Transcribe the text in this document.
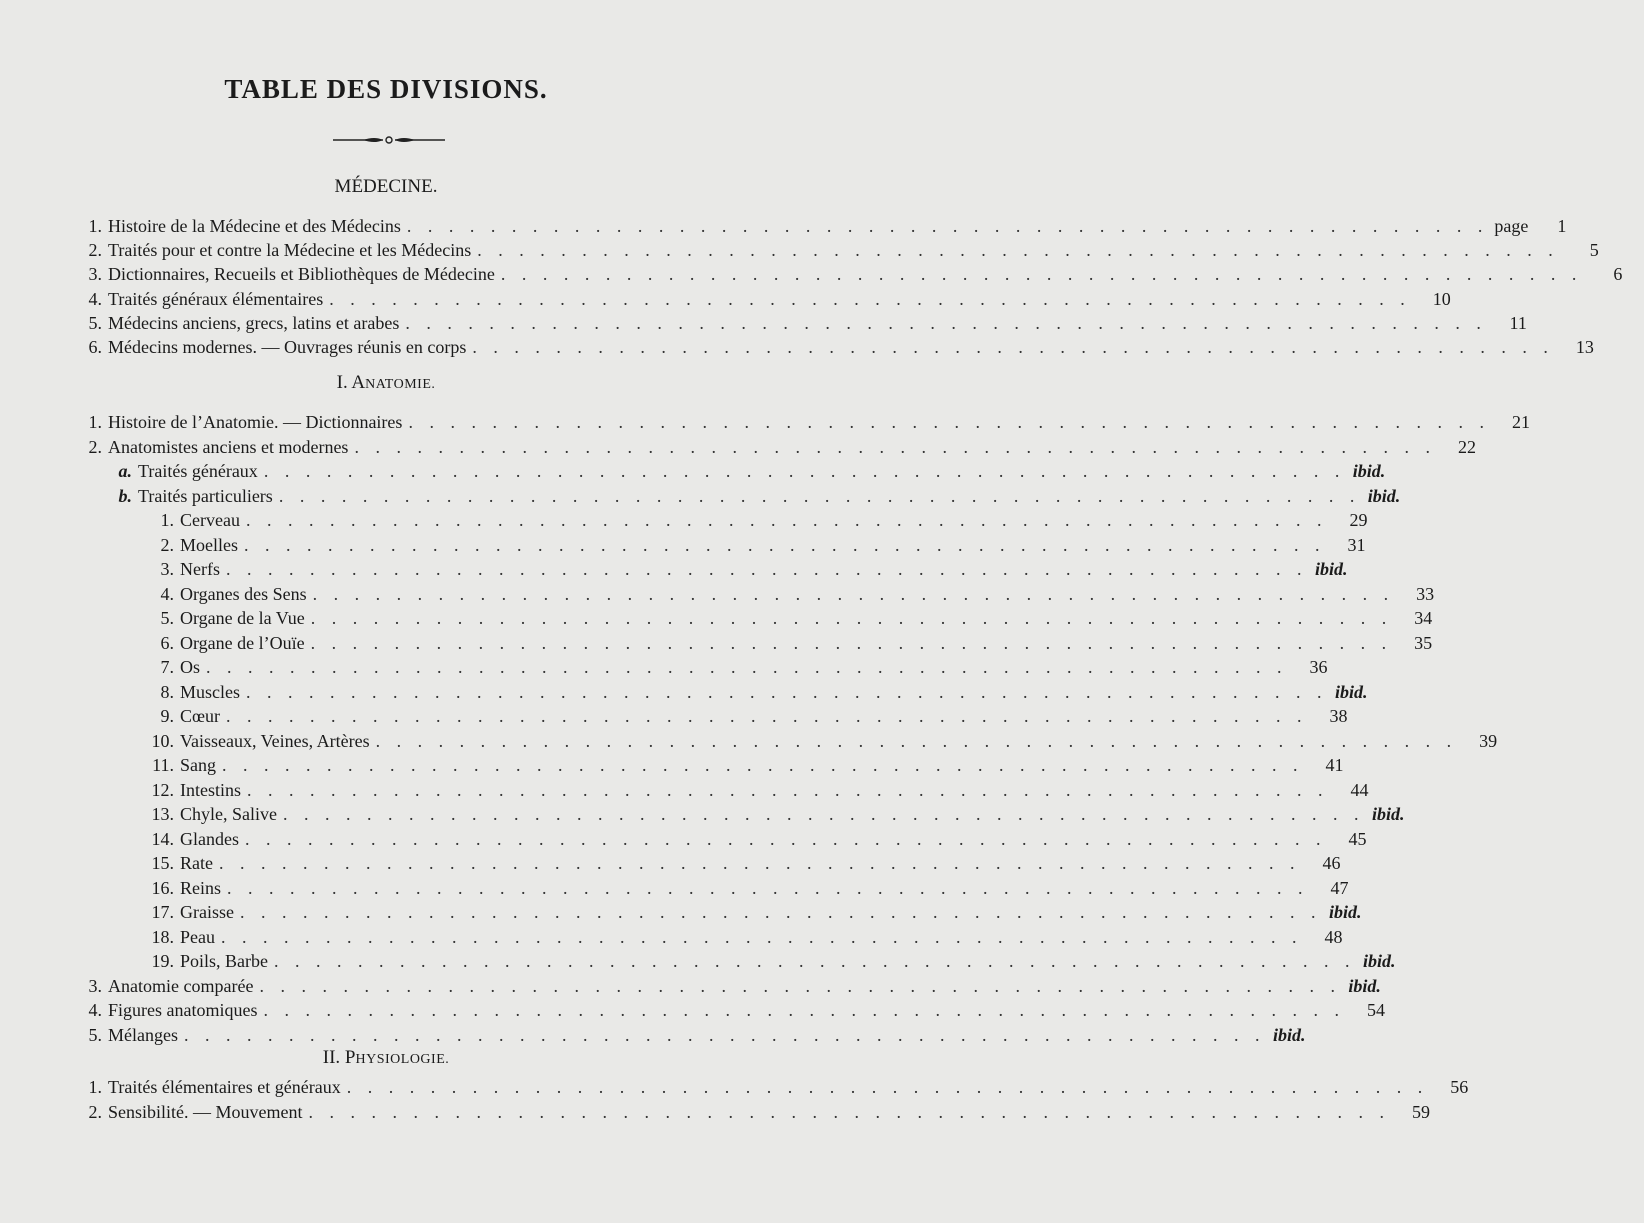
TABLE DES DIVISIONS.
MÉDECINE.
1. Histoire de la Médecine et des Médecins . . . . . . . . . . . . . . . . . . . . . . . . . . . . . . . . . . . . . . . . . . . . . . . . . . . . page	1
2. Traités pour et contre la Médecine et les Médecins . . . . . . . . . . . . . . . . . . . . . . . . . . . . . . . . . . . . . . . . . . . . . . . . . . . .	5
3. Dictionnaires, Recueils et Bibliothèques de Médecine . . . . . . . . . . . . . . . . . . . . . . . . . . . . . . . . . . . . . . . . . . . . . . . . . . . .	6
4. Traités généraux élémentaires . . . . . . . . . . . . . . . . . . . . . . . . . . . . . . . . . . . . . . . . . . . . . . . . . . . .	10
5. Médecins anciens, grecs, latins et arabes . . . . . . . . . . . . . . . . . . . . . . . . . . . . . . . . . . . . . . . . . . . . . . . . . . . .	11
6. Médecins modernes. — Ouvrages réunis en corps . . . . . . . . . . . . . . . . . . . . . . . . . . . . . . . . . . . . . . . . . . . . . . . . . . . .	13
I. ANATOMIE.
1. Histoire de l’Anatomie. — Dictionnaires . . . . . . . . . . . . . . . . . . . . . . . . . . . . . . . . . . . . . . . . . . . . . . . . . . . .	21
2. Anatomistes anciens et modernes . . . . . . . . . . . . . . . . . . . . . . . . . . . . . . . . . . . . . . . . . . . . . . . . . . . .	22
a. Traités généraux . . . . . . . . . . . . . . . . . . . . . . . . . . . . . . . . . . . . . . . . . . . . . . . . . . . . ibid.
b. Traités particuliers . . . . . . . . . . . . . . . . . . . . . . . . . . . . . . . . . . . . . . . . . . . . . . . . . . . . ibid.
1. Cerveau . . . . . . . . . . . . . . . . . . . . . . . . . . . . . . . . . . . . . . . . . . . . . . . . . . . .	29
2. Moelles . . . . . . . . . . . . . . . . . . . . . . . . . . . . . . . . . . . . . . . . . . . . . . . . . . . .	31
3. Nerfs . . . . . . . . . . . . . . . . . . . . . . . . . . . . . . . . . . . . . . . . . . . . . . . . . . . . ibid.
4. Organes des Sens . . . . . . . . . . . . . . . . . . . . . . . . . . . . . . . . . . . . . . . . . . . . . . . . . . . .	33
5. Organe de la Vue . . . . . . . . . . . . . . . . . . . . . . . . . . . . . . . . . . . . . . . . . . . . . . . . . . . .	34
6. Organe de l’Ouïe . . . . . . . . . . . . . . . . . . . . . . . . . . . . . . . . . . . . . . . . . . . . . . . . . . . .	35
7. Os . . . . . . . . . . . . . . . . . . . . . . . . . . . . . . . . . . . . . . . . . . . . . . . . . . . .	36
8. Muscles . . . . . . . . . . . . . . . . . . . . . . . . . . . . . . . . . . . . . . . . . . . . . . . . . . . . ibid.
9. Cœur . . . . . . . . . . . . . . . . . . . . . . . . . . . . . . . . . . . . . . . . . . . . . . . . . . . .	38
10. Vaisseaux, Veines, Artères . . . . . . . . . . . . . . . . . . . . . . . . . . . . . . . . . . . . . . . . . . . . . . . . . . . .	39
11. Sang . . . . . . . . . . . . . . . . . . . . . . . . . . . . . . . . . . . . . . . . . . . . . . . . . . . .	41
12. Intestins . . . . . . . . . . . . . . . . . . . . . . . . . . . . . . . . . . . . . . . . . . . . . . . . . . . .	44
13. Chyle, Salive . . . . . . . . . . . . . . . . . . . . . . . . . . . . . . . . . . . . . . . . . . . . . . . . . . . . ibid.
14. Glandes . . . . . . . . . . . . . . . . . . . . . . . . . . . . . . . . . . . . . . . . . . . . . . . . . . . .	45
15. Rate . . . . . . . . . . . . . . . . . . . . . . . . . . . . . . . . . . . . . . . . . . . . . . . . . . . .	46
16. Reins . . . . . . . . . . . . . . . . . . . . . . . . . . . . . . . . . . . . . . . . . . . . . . . . . . . .	47
17. Graisse . . . . . . . . . . . . . . . . . . . . . . . . . . . . . . . . . . . . . . . . . . . . . . . . . . . . ibid.
18. Peau . . . . . . . . . . . . . . . . . . . . . . . . . . . . . . . . . . . . . . . . . . . . . . . . . . . .	48
19. Poils, Barbe . . . . . . . . . . . . . . . . . . . . . . . . . . . . . . . . . . . . . . . . . . . . . . . . . . . . ibid.
3. Anatomie comparée . . . . . . . . . . . . . . . . . . . . . . . . . . . . . . . . . . . . . . . . . . . . . . . . . . . . ibid.
4. Figures anatomiques . . . . . . . . . . . . . . . . . . . . . . . . . . . . . . . . . . . . . . . . . . . . . . . . . . . .	54
5. Mélanges . . . . . . . . . . . . . . . . . . . . . . . . . . . . . . . . . . . . . . . . . . . . . . . . . . . . ibid.
II. PHYSIOLOGIE.
1. Traités élémentaires et généraux . . . . . . . . . . . . . . . . . . . . . . . . . . . . . . . . . . . . . . . . . . . . . . . . . . . .	56
2. Sensibilité. — Mouvement . . . . . . . . . . . . . . . . . . . . . . . . . . . . . . . . . . . . . . . . . . . . . . . . . . . .	59
